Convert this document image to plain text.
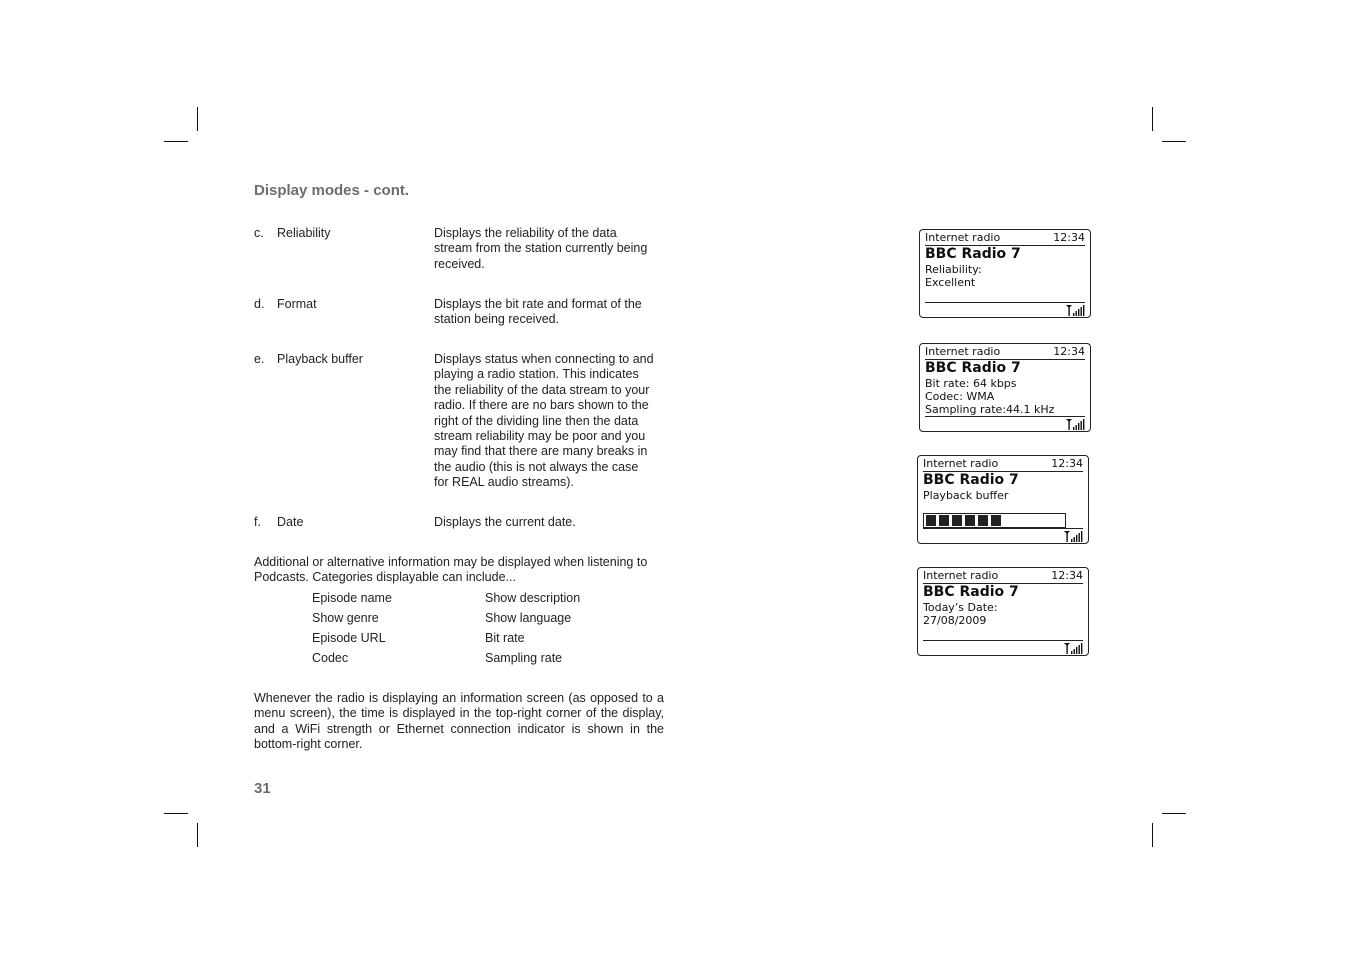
Display modes - cont.
c. Reliability	Displays the reliability of the data
stream from the station currently being
received.
d. Format	Displays the bit rate and format of the
station being received.
e. Playback buffer	Displays status when connecting to and
playing a radio station. This indicates
the reliability of the data stream to your
radio. If there are no bars shown to the
right of the dividing line then the data
stream reliability may be poor and you
may find that there are many breaks in
the audio (this is not always the case
for REAL audio streams).
f. Date	Displays the current date.
Additional or alternative information may be displayed when listening to
Podcasts. Categories displayable can include...
Episode name	Show description
Show genre	Show language
Episode URL	Bit rate
Codec	Sampling rate
Whenever the radio is displaying an information screen (as opposed to a menu screen), the time is displayed in the top-right corner of the display, and a WiFi strength or Ethernet connection indicator is shown in the bottom-right corner.
31
Internet radio	12:34
BBC Radio 7
Reliability:
Excellent
Internet radio	12:34
BBC Radio 7
Bit rate: 64 kbps
Codec: WMA
Sampling rate:44.1 kHz
Internet radio	12:34
BBC Radio 7
Playback buffer
Internet radio	12:34
BBC Radio 7
Today’s Date:
27/08/2009
